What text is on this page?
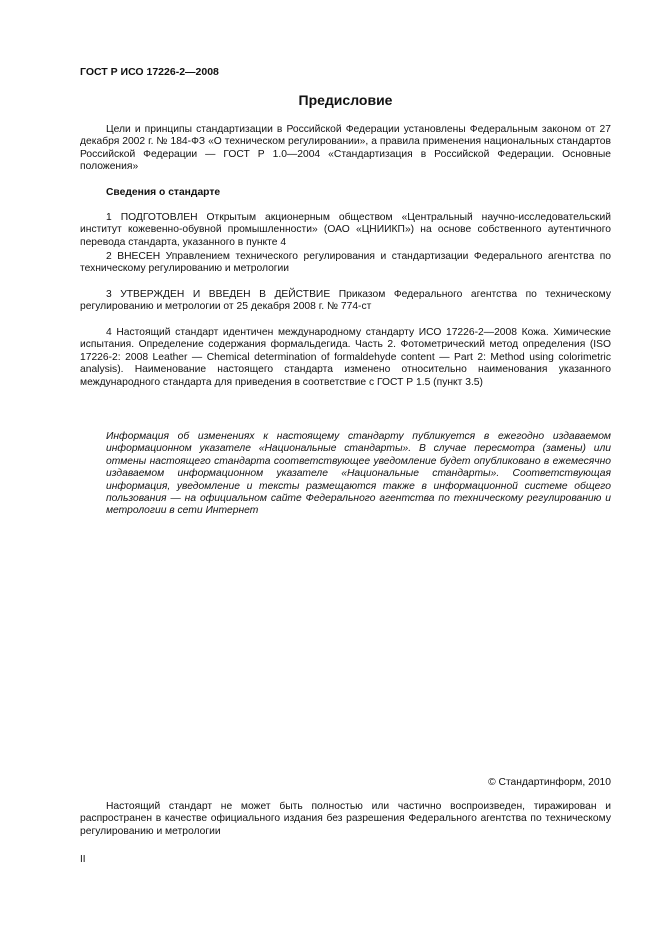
ГОСТ Р ИСО 17226-2—2008
Предисловие

Цели и принципы стандартизации в Российской Федерации установлены Федеральным законом от 27 декабря 2002 г. № 184-ФЗ «О техническом регулировании», а правила применения национальных стандартов Российской Федерации — ГОСТ Р 1.0—2004 «Стандартизация в Российской Федерации. Основные положения»

Сведения о стандарте

1 ПОДГОТОВЛЕН Открытым акционерным обществом «Центральный научно-исследовательский институт кожевенно-обувной промышленности» (ОАО «ЦНИИКП») на основе собственного аутентичного перевода стандарта, указанного в пункте 4

2 ВНЕСЕН Управлением технического регулирования и стандартизации Федерального агентства по техническому регулированию и метрологии

3 УТВЕРЖДЕН И ВВЕДЕН В ДЕЙСТВИЕ Приказом Федерального агентства по техническому регулированию и метрологии от 25 декабря 2008 г. № 774-ст

4 Настоящий стандарт идентичен международному стандарту ИСО 17226-2—2008 Кожа. Химические испытания. Определение содержания формальдегида. Часть 2. Фотометрический метод определения (ISO 17226-2: 2008 Leather — Chemical determination of formaldehyde content — Part 2: Method using colorimetric analysis). Наименование настоящего стандарта изменено относительно наименования указанного международного стандарта для приведения в соответствие с ГОСТ Р 1.5 (пункт 3.5)

Информация об изменениях к настоящему стандарту публикуется в ежегодно издаваемом информационном указателе «Национальные стандарты». В случае пересмотра (замены) или отмены настоящего стандарта соответствующее уведомление будет опубликовано в ежемесячно издаваемом информационном указателе «Национальные стандарты». Соответствующая информация, уведомление и тексты размещаются также в информационной системе общего пользования — на официальном сайте Федерального агентства по техническому регулированию и метрологии в сети Интернет
© Стандартинформ, 2010

Настоящий стандарт не может быть полностью или частично воспроизведен, тиражирован и распространен в качестве официального издания без разрешения Федерального агентства по техническому регулированию и метрологии

II
